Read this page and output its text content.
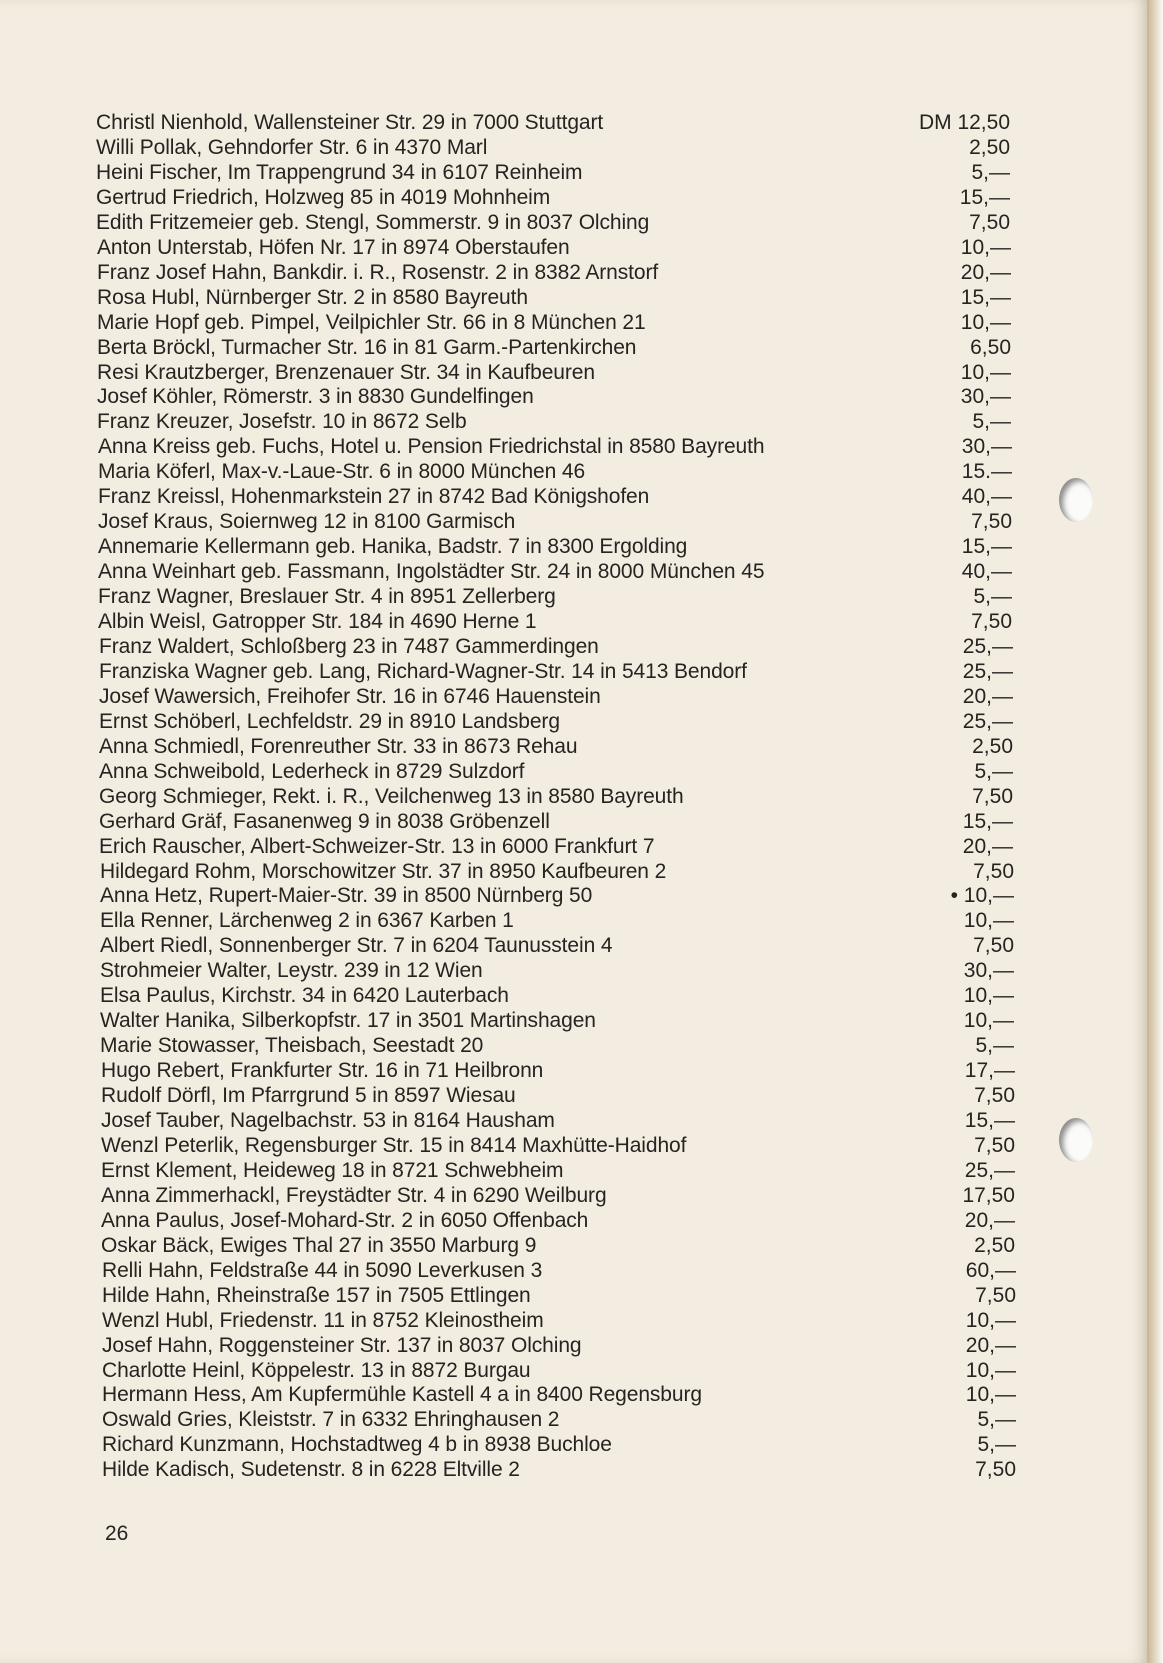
Christl Nienhold, Wallensteiner Str. 29 in 7000 Stuttgart	DM 12,50
Willi Pollak, Gehndorfer Str. 6 in 4370 Marl	2,50
Heini Fischer, Im Trappengrund 34 in 6107 Reinheim	5,—
Gertrud Friedrich, Holzweg 85 in 4019 Mohnheim	15,—
Edith Fritzemeier geb. Stengl, Sommerstr. 9 in 8037 Olching	7,50
Anton Unterstab, Höfen Nr. 17 in 8974 Oberstaufen	10,—
Franz Josef Hahn, Bankdir. i. R., Rosenstr. 2 in 8382 Arnstorf	20,—
Rosa Hubl, Nürnberger Str. 2 in 8580 Bayreuth	15,—
Marie Hopf geb. Pimpel, Veilpichler Str. 66 in 8 München 21	10,—
Berta Bröckl, Turmacher Str. 16 in 81 Garm.-Partenkirchen	6,50
Resi Krautzberger, Brenzenauer Str. 34 in Kaufbeuren	10,—
Josef Köhler, Römerstr. 3 in 8830 Gundelfingen	30,—
Franz Kreuzer, Josefstr. 10 in 8672 Selb	5,—
Anna Kreiss geb. Fuchs, Hotel u. Pension Friedrichstal in 8580 Bayreuth	30,—
Maria Köferl, Max-v.-Laue-Str. 6 in 8000 München 46	15.—
Franz Kreissl, Hohenmarkstein 27 in 8742 Bad Königshofen	40,—
Josef Kraus, Soiernweg 12 in 8100 Garmisch	7,50
Annemarie Kellermann geb. Hanika, Badstr. 7 in 8300 Ergolding	15,—
Anna Weinhart geb. Fassmann, Ingolstädter Str. 24 in 8000 München 45	40,—
Franz Wagner, Breslauer Str. 4 in 8951 Zellerberg	5,—
Albin Weisl, Gatropper Str. 184 in 4690 Herne 1	7,50
Franz Waldert, Schloßberg 23 in 7487 Gammerdingen	25,—
Franziska Wagner geb. Lang, Richard-Wagner-Str. 14 in 5413 Bendorf	25,—
Josef Wawersich, Freihofer Str. 16 in 6746 Hauenstein	20,—
Ernst Schöberl, Lechfeldstr. 29 in 8910 Landsberg	25,—
Anna Schmiedl, Forenreuther Str. 33 in 8673 Rehau	2,50
Anna Schweibold, Lederheck in 8729 Sulzdorf	5,—
Georg Schmieger, Rekt. i. R., Veilchenweg 13 in 8580 Bayreuth	7,50
Gerhard Gräf, Fasanenweg 9 in 8038 Gröbenzell	15,—
Erich Rauscher, Albert-Schweizer-Str. 13 in 6000 Frankfurt 7	20,—
Hildegard Rohm, Morschowitzer Str. 37 in 8950 Kaufbeuren 2	7,50
Anna Hetz, Rupert-Maier-Str. 39 in 8500 Nürnberg 50	• 10,—
Ella Renner, Lärchenweg 2 in 6367 Karben 1	10,—
Albert Riedl, Sonnenberger Str. 7 in 6204 Taunusstein 4	7,50
Strohmeier Walter, Leystr. 239 in 12 Wien	30,—
Elsa Paulus, Kirchstr. 34 in 6420 Lauterbach	10,—
Walter Hanika, Silberkopfstr. 17 in 3501 Martinshagen	10,—
Marie Stowasser, Theisbach, Seestadt 20	5,—
Hugo Rebert, Frankfurter Str. 16 in 71 Heilbronn	17,—
Rudolf Dörfl, Im Pfarrgrund 5 in 8597 Wiesau	7,50
Josef Tauber, Nagelbachstr. 53 in 8164 Hausham	15,—
Wenzl Peterlik, Regensburger Str. 15 in 8414 Maxhütte-Haidhof	7,50
Ernst Klement, Heideweg 18 in 8721 Schwebheim	25,—
Anna Zimmerhackl, Freystädter Str. 4 in 6290 Weilburg	17,50
Anna Paulus, Josef-Mohard-Str. 2 in 6050 Offenbach	20,—
Oskar Bäck, Ewiges Thal 27 in 3550 Marburg 9	2,50
Relli Hahn, Feldstraße 44 in 5090 Leverkusen 3	60,—
Hilde Hahn, Rheinstraße 157 in 7505 Ettlingen	7,50
Wenzl Hubl, Friedenstr. 11 in 8752 Kleinostheim	10,—
Josef Hahn, Roggensteiner Str. 137 in 8037 Olching	20,—
Charlotte Heinl, Köppelestr. 13 in 8872 Burgau	10,—
Hermann Hess, Am Kupfermühle Kastell 4 a in 8400 Regensburg	10,—
Oswald Gries, Kleiststr. 7 in 6332 Ehringhausen 2	5,—
Richard Kunzmann, Hochstadtweg 4 b in 8938 Buchloe	5,—
Hilde Kadisch, Sudetenstr. 8 in 6228 Eltville 2	7,50
26
